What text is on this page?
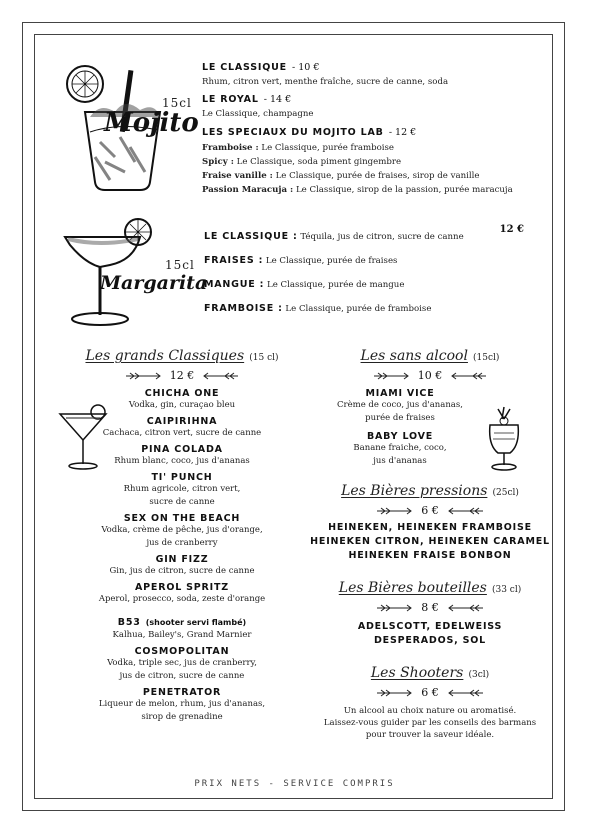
15cl
Mojito
LE CLASSIQUE - 10 €
Rhum, citron vert, menthe fraîche, sucre de canne, soda
LE ROYAL - 14 €
Le Classique, champagne
LES SPECIAUX DU MOJITO LAB - 12 €
Framboise : Le Classique, purée framboise
Spicy : Le Classique, soda piment gingembre
Fraise vanille : Le Classique, purée de fraises, sirop de vanille
Passion Maracuja : Le Classique, sirop de la passion, purée maracuja
15cl
Margarita
LE CLASSIQUE : Téquila, jus de citron, sucre de canne
12 €
FRAISES : Le Classique, purée de fraises
MANGUE : Le Classique, purée de mangue
FRAMBOISE : Le Classique, purée de framboise
Les grands Classiques (15 cl)
12 €
CHICHA ONE
Vodka, gin, curaçao bleu
CAIPIRIHNA
Cachaca, citron vert, sucre de canne
PINA COLADA
Rhum blanc, coco, jus d'ananas
TI' PUNCH
Rhum agricole, citron vert,
sucre de canne
SEX ON THE BEACH
Vodka, crème de pêche, jus d'orange,
jus de cranberry
GIN FIZZ
Gin, jus de citron, sucre de canne
APEROL SPRITZ
Aperol, prosecco, soda, zeste d'orange
B53 (shooter servi flambé)
Kalhua, Bailey's, Grand Marnier
COSMOPOLITAN
Vodka, triple sec, jus de cranberry,
jus de citron, sucre de canne
PENETRATOR
Liqueur de melon, rhum, jus d'ananas,
sirop de grenadine
Les sans alcool (15cl)
10 €
MIAMI VICE
Crème de coco, jus d'ananas,
purée de fraises
BABY LOVE
Banane fraiche, coco,
jus d'ananas
Les Bières pressions (25cl)
6 €
HEINEKEN, HEINEKEN FRAMBOISE
HEINEKEN CITRON, HEINEKEN CARAMEL
HEINEKEN FRAISE BONBON
Les Bières bouteilles (33 cl)
8 €
ADELSCOTT, EDELWEISS
DESPERADOS, SOL
Les Shooters (3cl)
6 €
Un alcool au choix nature ou aromatisé.
Laissez-vous guider par les conseils des barmans
pour trouver la saveur idéale.
PRIX NETS - SERVICE COMPRIS
